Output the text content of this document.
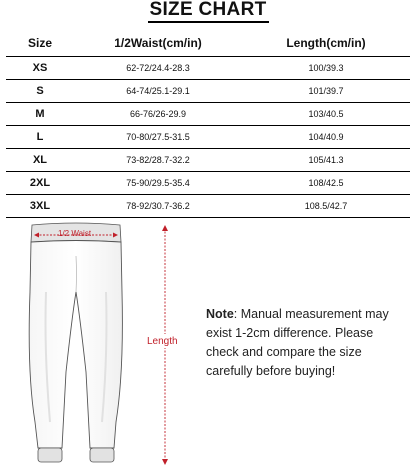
SIZE CHART
Size	1/2Waist(cm/in)	Length(cm/in)
XS	62-72/24.4-28.3	100/39.3
S	64-74/25.1-29.1	101/39.7
M	66-76/26-29.9	103/40.5
L	70-80/27.5-31.5	104/40.9
XL	73-82/28.7-32.2	105/41.3
2XL	75-90/29.5-35.4	108/42.5
3XL	78-92/30.7-36.2	108.5/42.7
1/2 Waist
Length
Note: Manual measurement may exist 1-2cm difference. Please check and compare the size carefully before buying!
